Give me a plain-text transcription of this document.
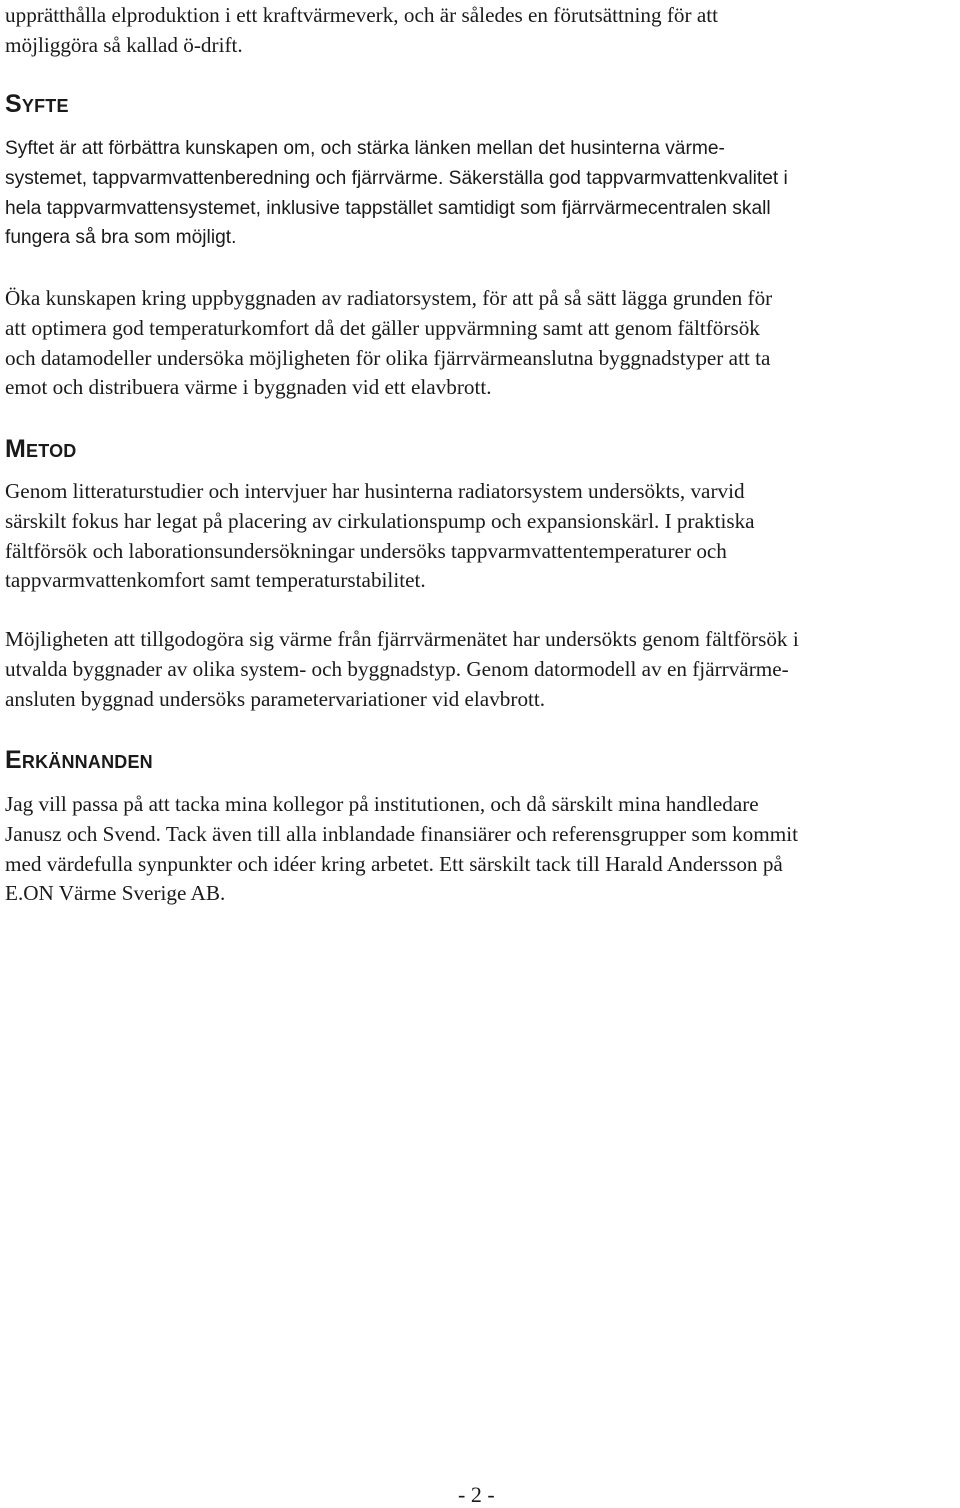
upprätthålla elproduktion i ett kraftvärmeverk, och är således en förutsättning för att
möjliggöra så kallad ö-drift.

Syfte

Syftet är att förbättra kunskapen om, och stärka länken mellan det husinterna värme-
systemet, tappvarmvattenberedning och fjärrvärme. Säkerställa god tappvarmvattenkvalitet i
hela tappvarmvattensystemet, inklusive tappstället samtidigt som fjärrvärmecentralen skall
fungera så bra som möjligt.

Öka kunskapen kring uppbyggnaden av radiatorsystem, för att på så sätt lägga grunden för
att optimera god temperaturkomfort då det gäller uppvärmning samt att genom fältförsök
och datamodeller undersöka möjligheten för olika fjärrvärmeanslutna byggnadstyper att ta
emot och distribuera värme i byggnaden vid ett elavbrott.

Metod

Genom litteraturstudier och intervjuer har husinterna radiatorsystem undersökts, varvid
särskilt fokus har legat på placering av cirkulationspump och expansionskärl. I praktiska
fältförsök och laborationsundersökningar undersöks tappvarmvattentemperaturer och
tappvarmvattenkomfort samt temperaturstabilitet.

Möjligheten att tillgodogöra sig värme från fjärrvärmenätet har undersökts genom fältförsök i
utvalda byggnader av olika system- och byggnadstyp. Genom datormodell av en fjärrvärme-
ansluten byggnad undersöks parametervariationer vid elavbrott.

Erkännanden

Jag vill passa på att tacka mina kollegor på institutionen, och då särskilt mina handledare
Janusz och Svend. Tack även till alla inblandade finansiärer och referensgrupper som kommit
med värdefulla synpunkter och idéer kring arbetet. Ett särskilt tack till Harald Andersson på
E.ON Värme Sverige AB.

- 2 -
